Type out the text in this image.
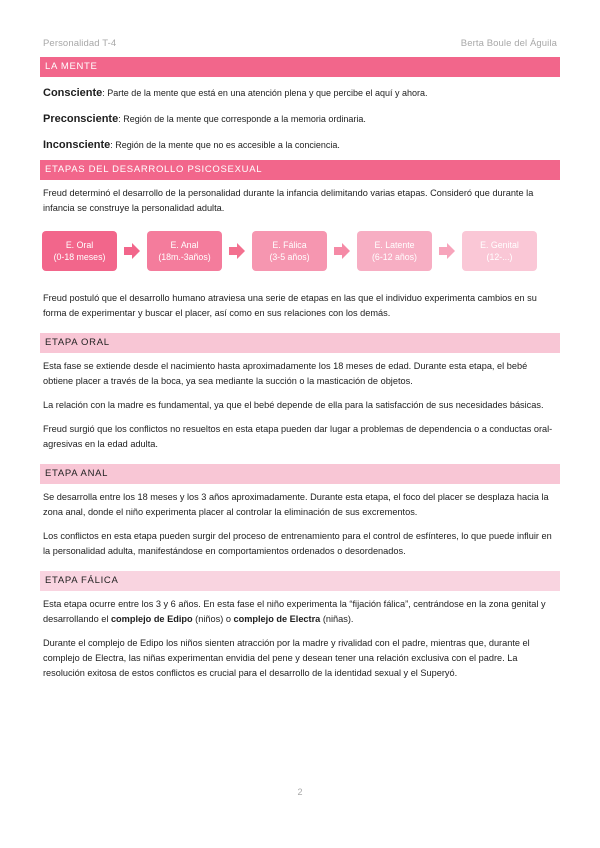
Personalidad T-4	Berta Boule del Águila
LA MENTE

Consciente: Parte de la mente que está en una atención plena y que percibe el aquí y ahora.

Preconsciente: Región de la mente que corresponde a la memoria ordinaria.

Inconsciente: Región de la mente que no es accesible a la conciencia.

ETAPAS DEL DESARROLLO PSICOSEXUAL

Freud determinó el desarrollo de la personalidad durante la infancia delimitando varias etapas. Consideró que durante la infancia se construye la personalidad adulta.

E. Oral
(0-18 meses)
E. Anal
(18m.-3años)
E. Fálica
(3-5 años)
E. Latente
(6-12 años)
E. Genital
(12-...)

Freud postuló que el desarrollo humano atraviesa una serie de etapas en las que el individuo experimenta cambios en su forma de experimentar y buscar el placer, así como en sus relaciones con los demás.

ETAPA ORAL

Esta fase se extiende desde el nacimiento hasta aproximadamente los 18 meses de edad. Durante esta etapa, el bebé obtiene placer a través de la boca, ya sea mediante la succión o la masticación de objetos.

La relación con la madre es fundamental, ya que el bebé depende de ella para la satisfacción de sus necesidades básicas.

Freud surgió que los conflictos no resueltos en esta etapa pueden dar lugar a problemas de dependencia o a conductas oral-agresivas en la edad adulta.

ETAPA ANAL

Se desarrolla entre los 18 meses y los 3 años aproximadamente. Durante esta etapa, el foco del placer se desplaza hacia la zona anal, donde el niño experimenta placer al controlar la eliminación de sus excrementos.

Los conflictos en esta etapa pueden surgir del proceso de entrenamiento para el control de esfínteres, lo que puede influir en la personalidad adulta, manifestándose en comportamientos ordenados o desordenados.

ETAPA FÁLICA

Esta etapa ocurre entre los 3 y 6 años. En esta fase el niño experimenta la “fijación fálica”, centrándose en la zona genital y desarrollando el complejo de Edipo (niños) o complejo de Electra (niñas).

Durante el complejo de Edipo los niños sienten atracción por la madre y rivalidad con el padre, mientras que, durante el complejo de Electra, las niñas experimentan envidia del pene y desean tener una relación exclusiva con el padre. La resolución exitosa de estos conflictos es crucial para el desarrollo de la identidad sexual y el Superyó.

2
